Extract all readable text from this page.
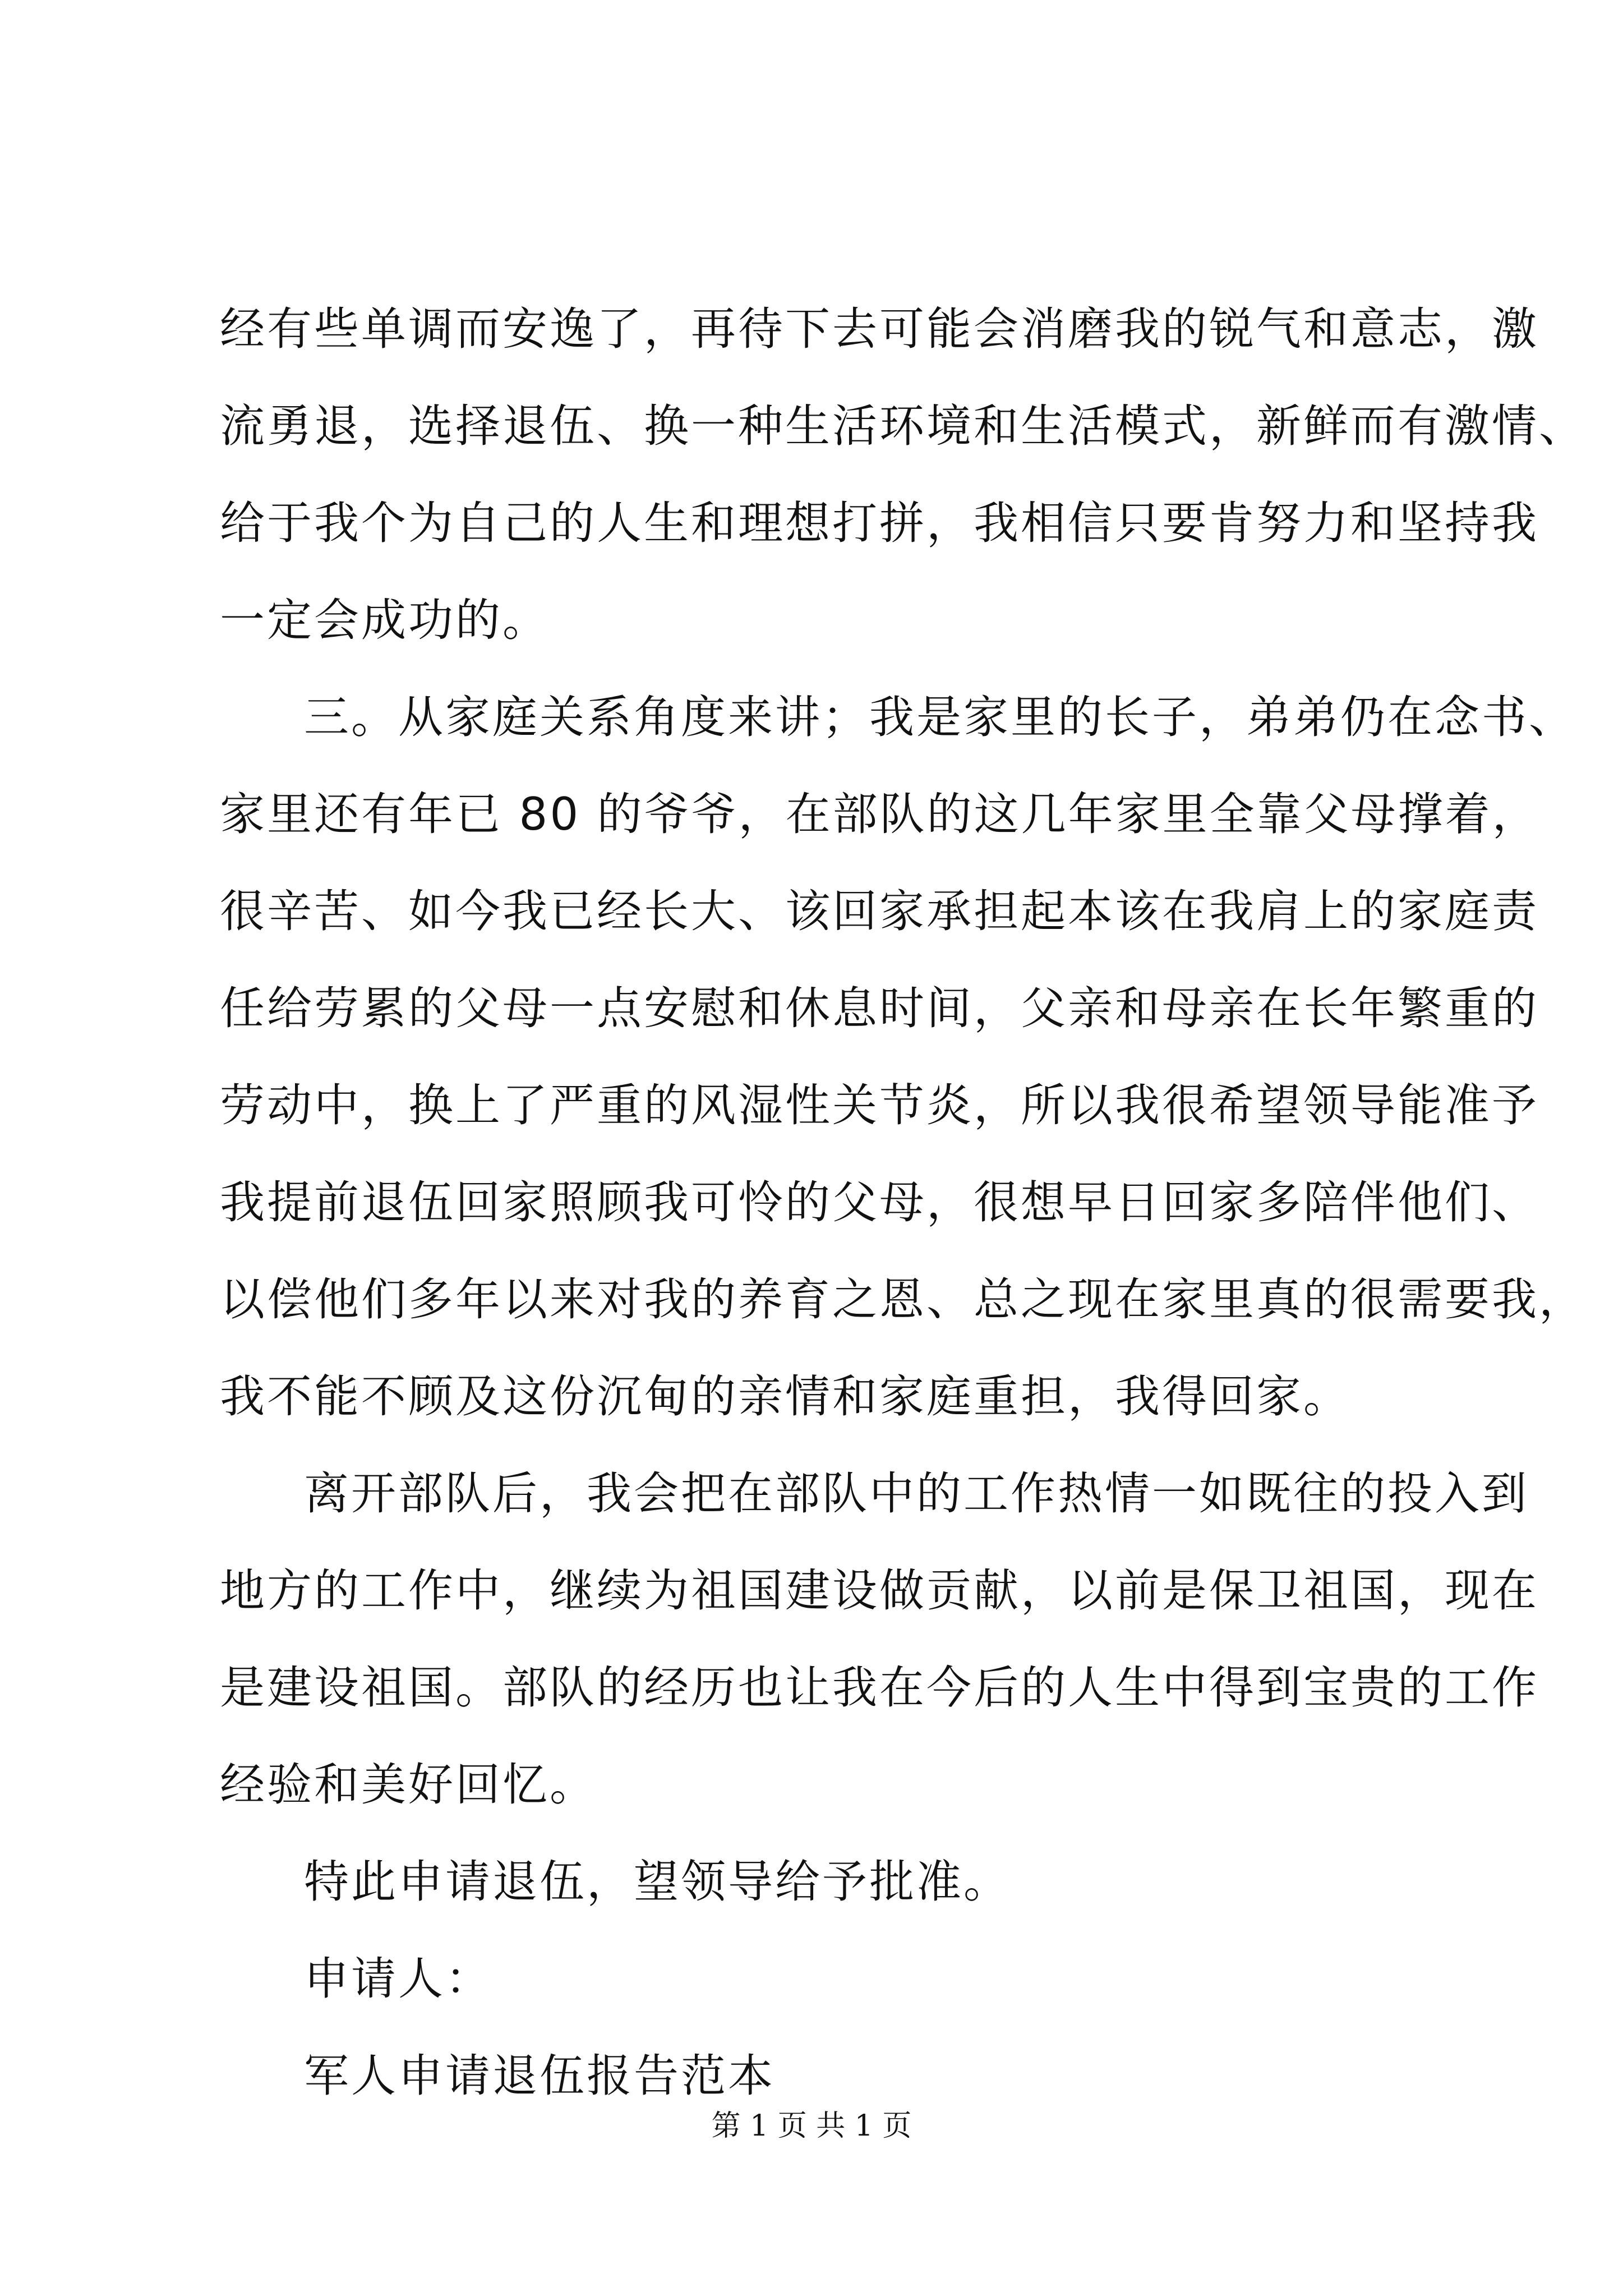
经有些单调而安逸了，再待下去可能会消磨我的锐气和意志，激
流勇退，选择退伍、换一种生活环境和生活模式，新鲜而有激情、
给于我个为自己的人生和理想打拼，我相信只要肯努力和坚持我
一定会成功的。
三。从家庭关系角度来讲；我是家里的长子，弟弟仍在念书、
家里还有年已 80 的爷爷，在部队的这几年家里全靠父母撑着，
很辛苦、如今我已经长大、该回家承担起本该在我肩上的家庭责
任给劳累的父母一点安慰和休息时间，父亲和母亲在长年繁重的
劳动中，换上了严重的风湿性关节炎，所以我很希望领导能准予
我提前退伍回家照顾我可怜的父母，很想早日回家多陪伴他们、
以偿他们多年以来对我的养育之恩、总之现在家里真的很需要我，
我不能不顾及这份沉甸的亲情和家庭重担，我得回家。
离开部队后，我会把在部队中的工作热情一如既往的投入到
地方的工作中，继续为祖国建设做贡献，以前是保卫祖国，现在
是建设祖国。部队的经历也让我在今后的人生中得到宝贵的工作
经验和美好回忆。
特此申请退伍，望领导给予批准。
申请人：
军人申请退伍报告范本
第 1 页 共 1 页
